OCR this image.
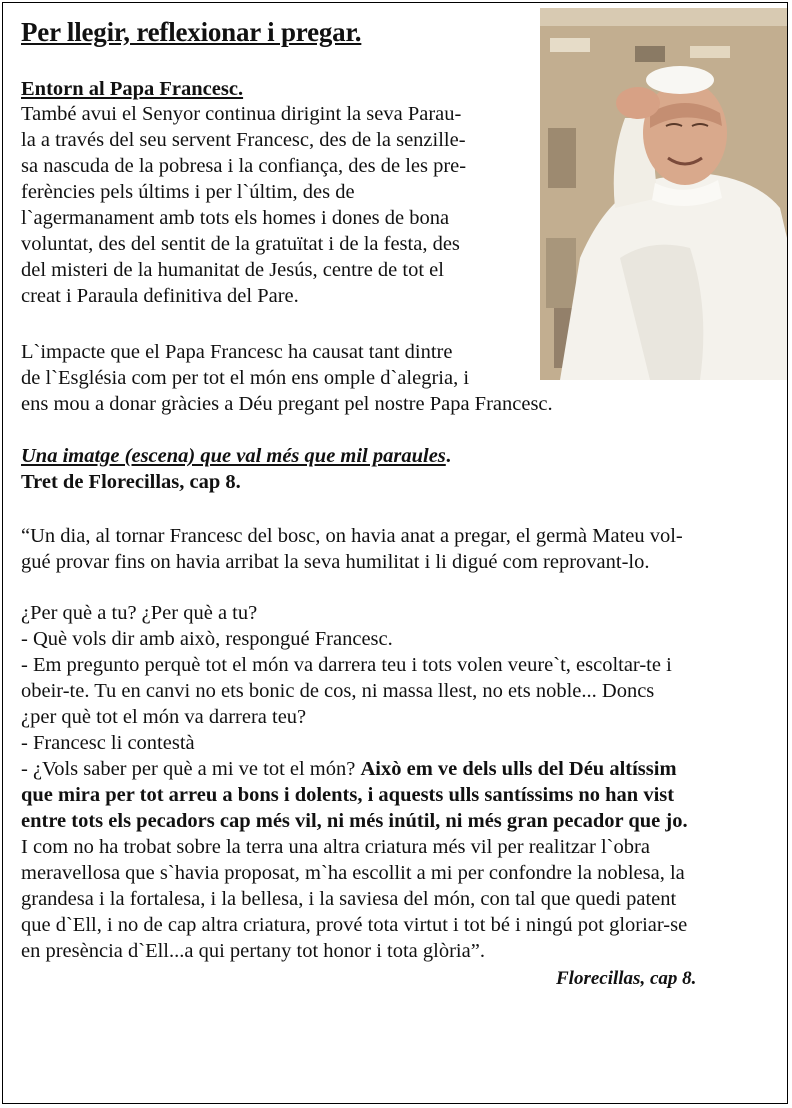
Per llegir, reflexionar i pregar.

Entorn al Papa Francesc.

També avui el Senyor continua dirigint la seva Parau-

la a través del seu servent Francesc, des de la senzille-

sa nascuda de la pobresa i la confiança, des de les pre-

ferències pels últims i per l`últim, des de

l`agermanament amb tots els homes i dones de bona

voluntat, des del sentit de la gratuïtat i de la festa, des

del misteri de la humanitat de Jesús, centre de tot el

creat i Paraula definitiva del Pare.

L`impacte que el Papa Francesc ha causat tant dintre

de l`Església com per tot el món ens omple d`alegria, i

ens mou a donar gràcies a Déu pregant pel nostre Papa Francesc.

Una imatge (escena) que val més que mil paraules.

Tret de Florecillas, cap 8.

“Un dia, al tornar Francesc del bosc, on havia anat a pregar, el germà Mateu vol-

gué provar fins on havia arribat la seva humilitat i li digué com reprovant-lo.

¿Per què a tu? ¿Per què a tu?

- Què vols dir amb això, respongué Francesc.

- Em pregunto perquè tot el món va darrera teu i tots volen veure`t, escoltar-te i

obeir-te. Tu en canvi no ets bonic de cos, ni massa llest, no ets noble... Doncs

¿per què tot el món va darrera teu?

- Francesc li contestà

- ¿Vols saber per què a mi ve tot el món? Això em ve dels ulls del Déu altíssim

que mira per tot arreu a bons i dolents, i aquests ulls santíssims no han vist

entre tots els pecadors cap més vil, ni més inútil, ni més gran pecador que jo.

I com no ha trobat sobre la terra una altra criatura més vil per realitzar l`obra

meravellosa que s`havia proposat, m`ha escollit a mi per confondre la noblesa, la

grandesa i la fortalesa, i la bellesa, i la saviesa del món, con tal que quedi patent

que d`Ell, i no de cap altra criatura, prové tota virtut i tot bé i ningú pot gloriar-se

en presència d`Ell...a qui pertany tot honor i tota glòria”.

Florecillas, cap 8.
